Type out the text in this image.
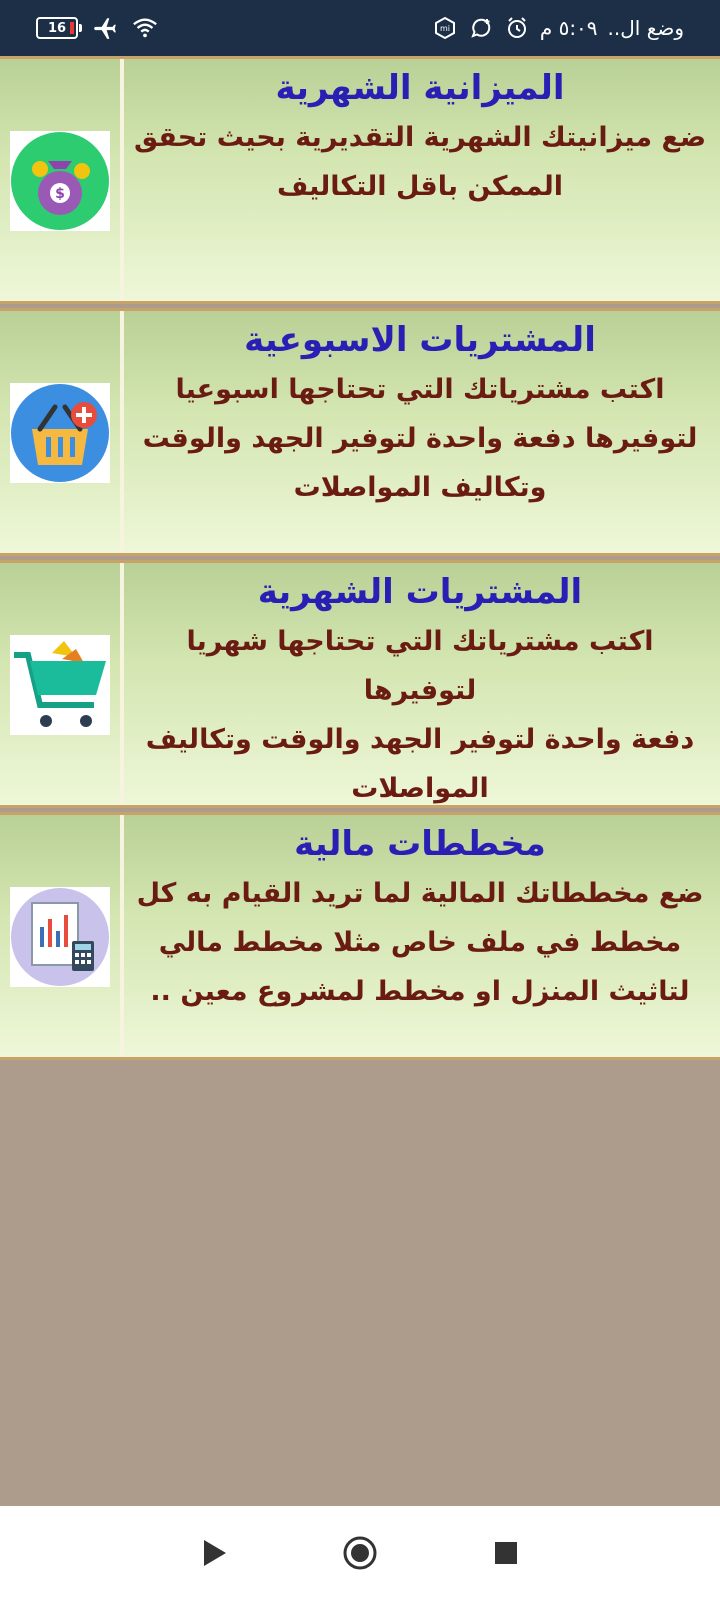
16	وضع ال..
٥:٠٩ م
mi
$
الميزانية الشهرية
ضع ميزانيتك الشهرية التقديرية بحيث تحقق
الممكن باقل التكاليف
المشتريات الاسبوعية
اكتب مشترياتك التي تحتاجها اسبوعيا
لتوفيرها دفعة واحدة لتوفير الجهد والوقت
وتكاليف المواصلات
المشتريات الشهرية
اكتب مشترياتك التي تحتاجها شهريا لتوفيرها
دفعة واحدة لتوفير الجهد والوقت وتكاليف
المواصلات
مخططات مالية
ضع مخططاتك المالية لما تريد القيام به كل
مخطط في ملف خاص مثلا مخطط مالي
لتاثيث المنزل او مخطط لمشروع معين ..
